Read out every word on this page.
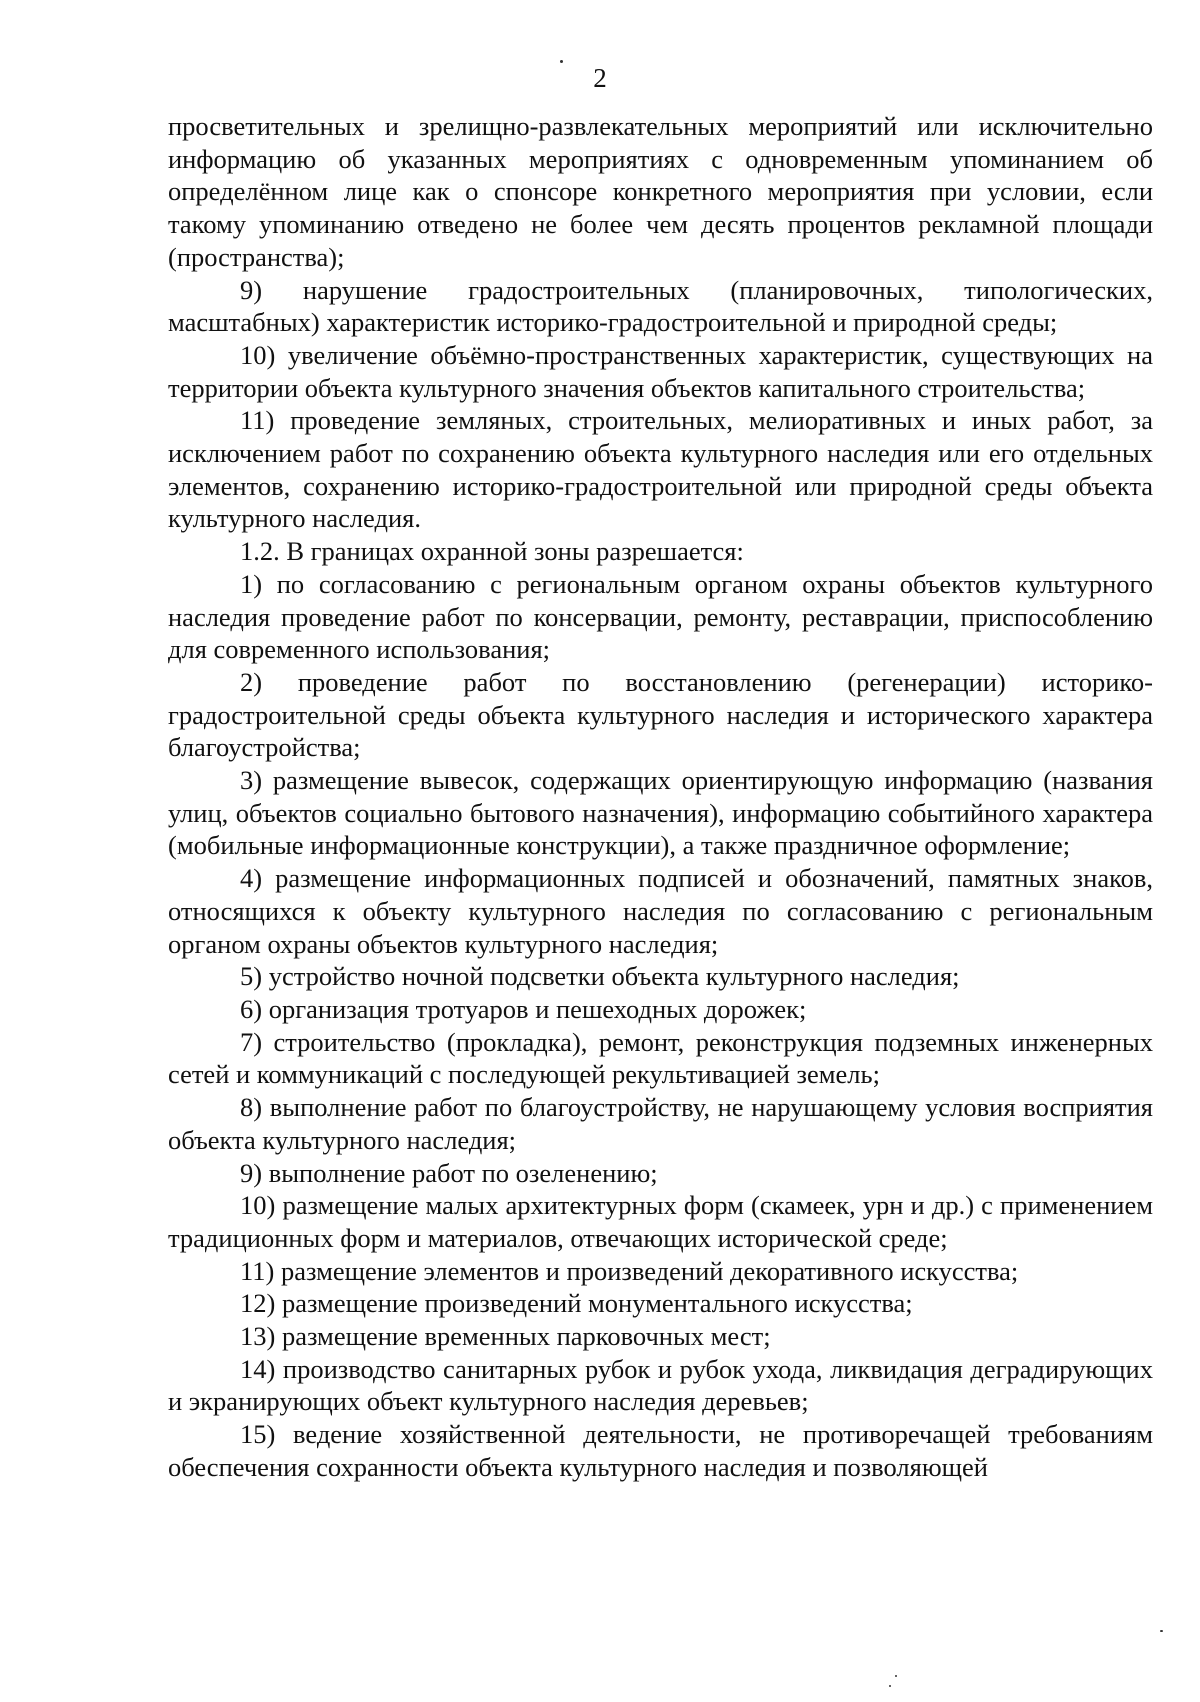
2

просветительных и зрелищно-развлекательных мероприятий или исключительно информацию об указанных мероприятиях с одновременным упоминанием об определённом лице как о спонсоре конкретного мероприятия при условии, если такому упоминанию отведено не более чем десять процентов рекламной площади (пространства);

9) нарушение градостроительных (планировочных, типологических, масштабных) характеристик историко-градостроительной и природной среды;

10) увеличение объёмно-пространственных характеристик, существующих на территории объекта культурного значения объектов капитального строительства;

11) проведение земляных, строительных, мелиоративных и иных работ, за исключением работ по сохранению объекта культурного наследия или его отдельных элементов, сохранению историко-градостроительной или природной среды объекта культурного наследия.

1.2. В границах охранной зоны разрешается:

1) по согласованию с региональным органом охраны объектов культурного наследия проведение работ по консервации, ремонту, реставрации, приспособлению для современного использования;

2) проведение работ по восстановлению (регенерации) историко-градостроительной среды объекта культурного наследия и исторического характера благоустройства;

3) размещение вывесок, содержащих ориентирующую информацию (названия улиц, объектов социально бытового назначения), информацию событийного характера (мобильные информационные конструкции), а также праздничное оформление;

4) размещение информационных подписей и обозначений, памятных знаков, относящихся к объекту культурного наследия по согласованию с региональным органом охраны объектов культурного наследия;

5) устройство ночной подсветки объекта культурного наследия;

6) организация тротуаров и пешеходных дорожек;

7) строительство (прокладка), ремонт, реконструкция подземных инженерных сетей и коммуникаций с последующей рекультивацией земель;

8) выполнение работ по благоустройству, не нарушающему условия восприятия объекта культурного наследия;

9) выполнение работ по озеленению;

10) размещение малых архитектурных форм (скамеек, урн и др.) с применением традиционных форм и материалов, отвечающих исторической среде;

11) размещение элементов и произведений декоративного искусства;

12) размещение произведений монументального искусства;

13) размещение временных парковочных мест;

14) производство санитарных рубок и рубок ухода, ликвидация деградирующих и экранирующих объект культурного наследия деревьев;

15) ведение хозяйственной деятельности, не противоречащей требованиям обеспечения сохранности объекта культурного наследия и позволяющей
